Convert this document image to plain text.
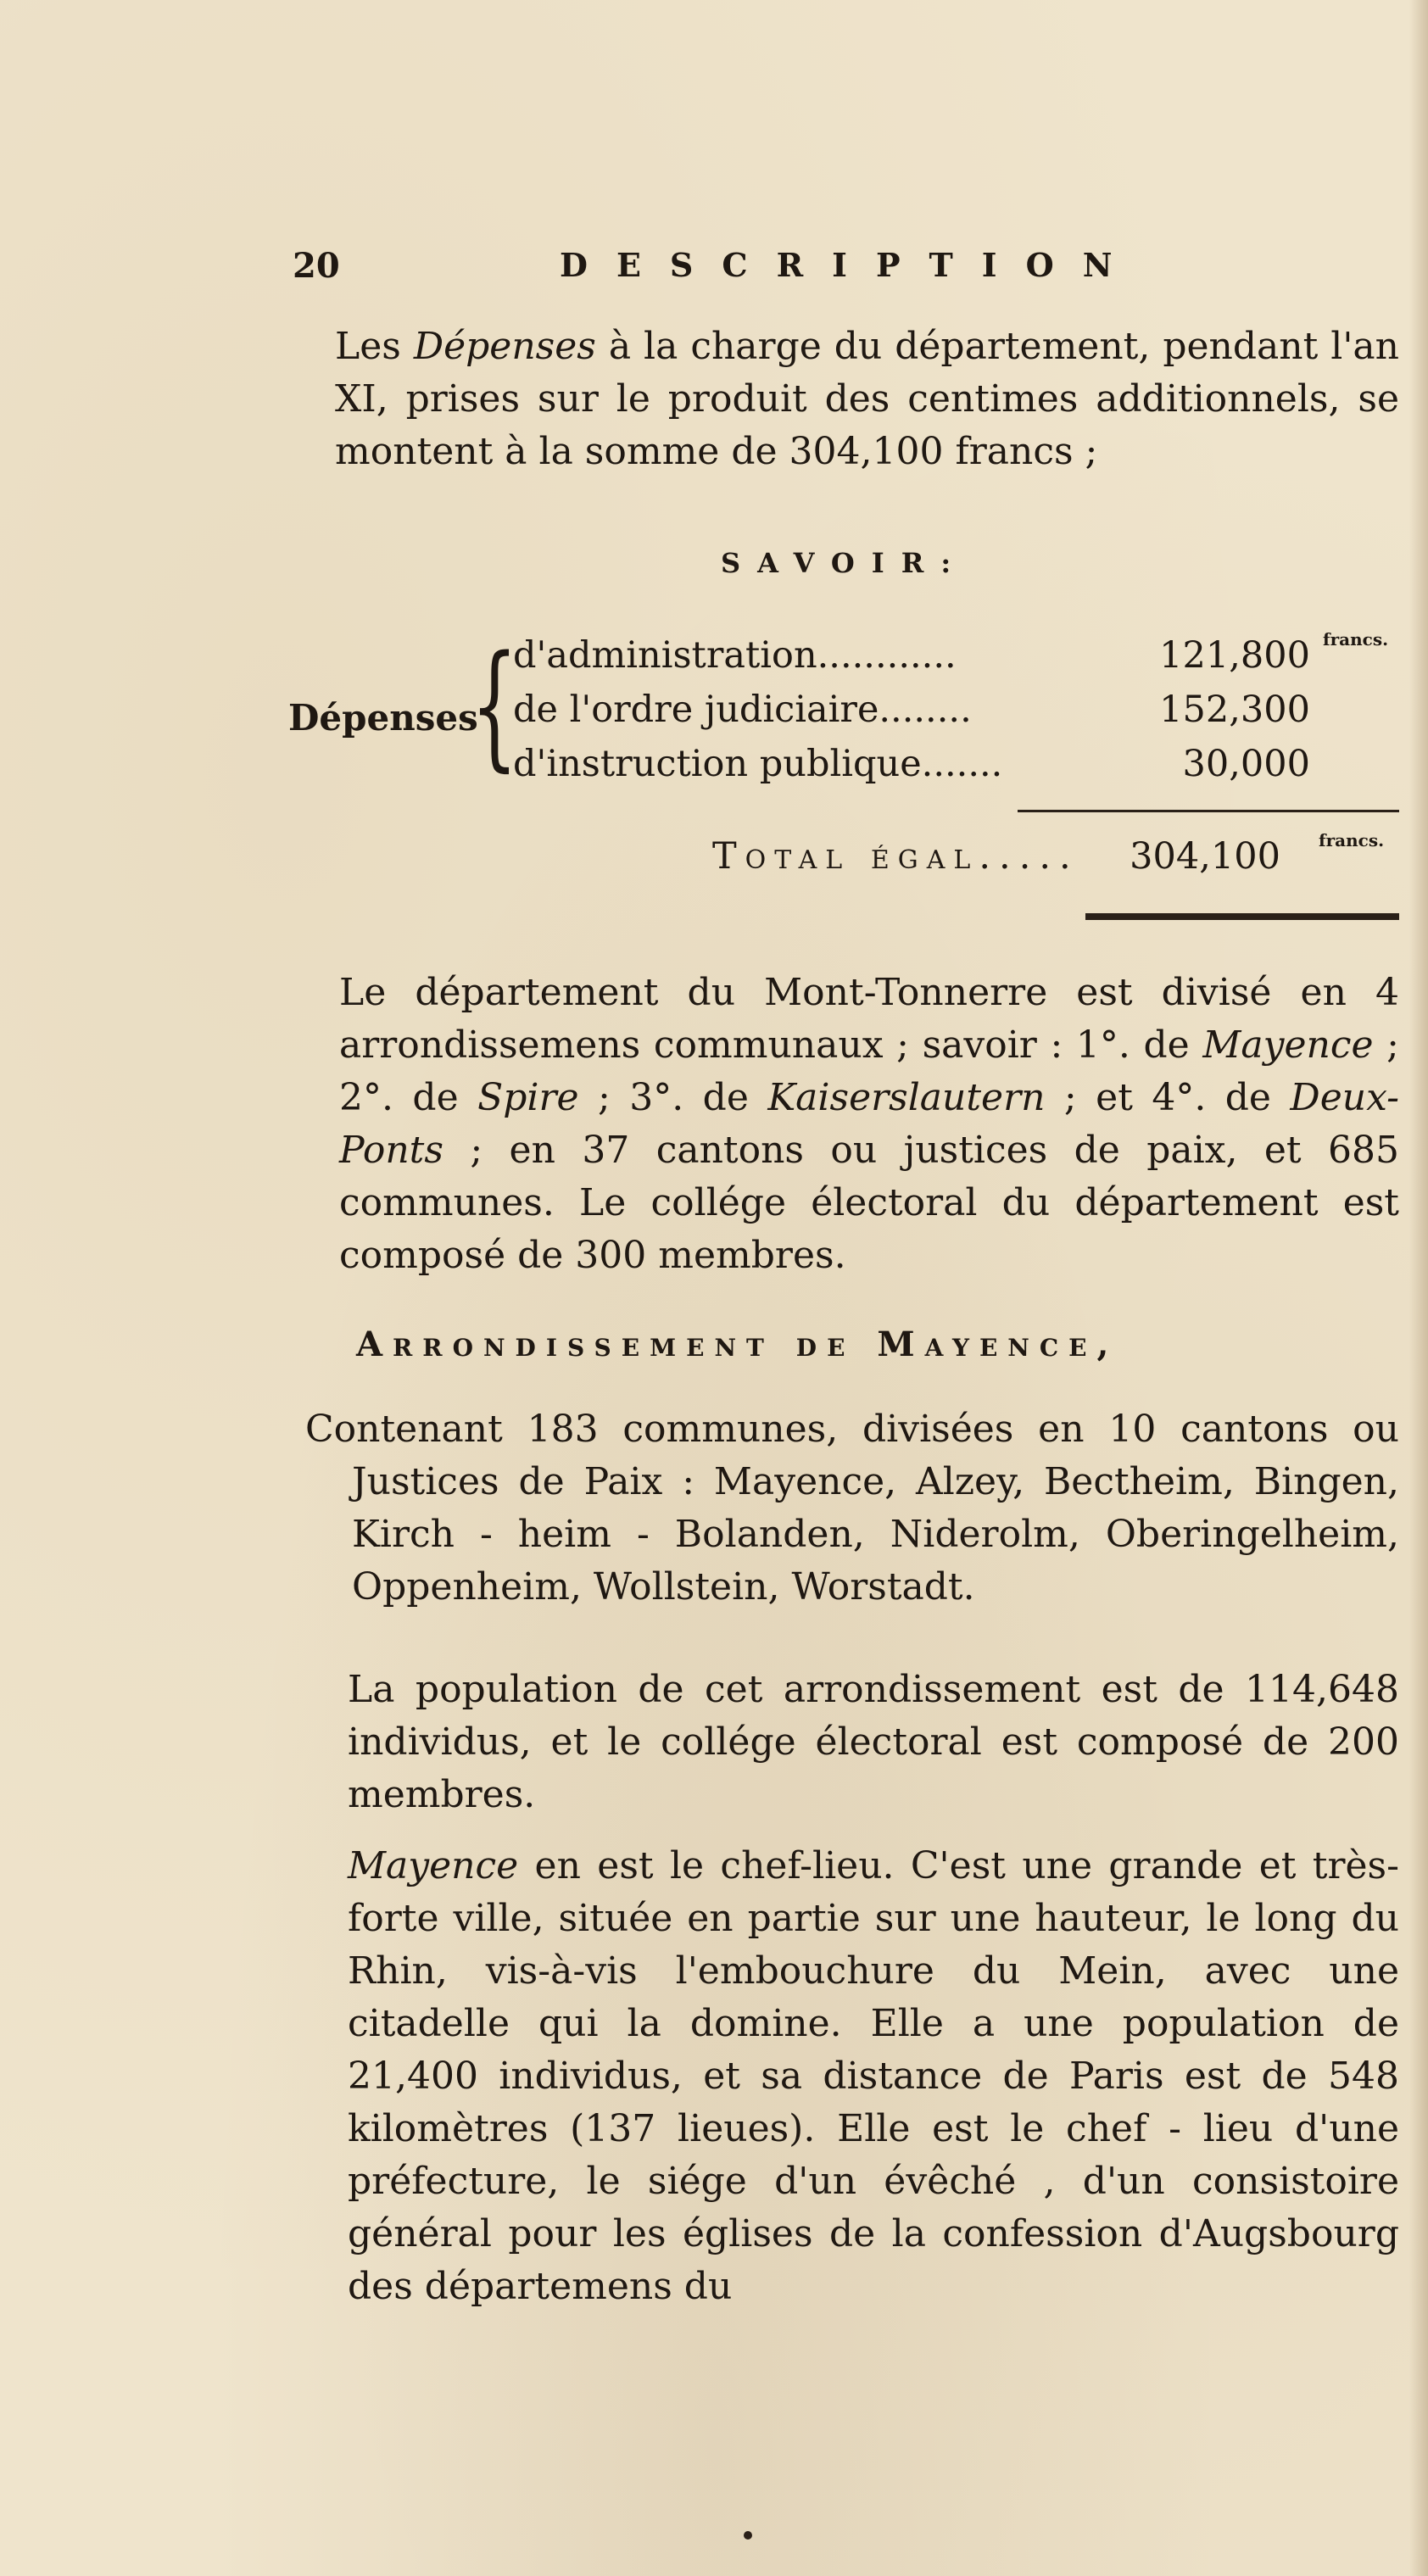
20	DESCRIPTION

Les Dépenses à la charge du département, pendant l'an XI, prises sur le produit des centimes additionnels, se montent à la somme de 304,100 francs ;

SAVOIR:
Dépenses
{
d'administration............	121,800 francs.
de l'ordre judiciaire........	152,300
d'instruction publique.......	30,000
Total égal..... 304,100 francs.

Le département du Mont-Tonnerre est divisé en 4 arrondissemens communaux ; savoir : 1°. de Mayence ; 2°. de Spire ; 3°. de Kaiserslautern ; et 4°. de Deux-Ponts ; en 37 cantons ou justices de paix, et 685 communes. Le collége électoral du département est composé de 300 membres.

Arrondissement de Mayence,

Contenant 183 communes, divisées en 10 cantons ou Justices de Paix : Mayence, Alzey, Bectheim, Bingen, Kirch - heim - Bolanden, Niderolm, Oberingelheim, Oppenheim, Wollstein, Worstadt.

La population de cet arrondissement est de 114,648 individus, et le collége électoral est composé de 200 membres.

Mayence en est le chef-lieu. C'est une grande et très-forte ville, située en partie sur une hauteur, le long du Rhin, vis-à-vis l'embouchure du Mein, avec une citadelle qui la domine. Elle a une population de 21,400 individus, et sa distance de Paris est de 548 kilomètres (137 lieues). Elle est le chef - lieu d'une préfecture, le siége d'un évêché , d'un consistoire général pour les églises de la confession d'Augsbourg des départemens du
